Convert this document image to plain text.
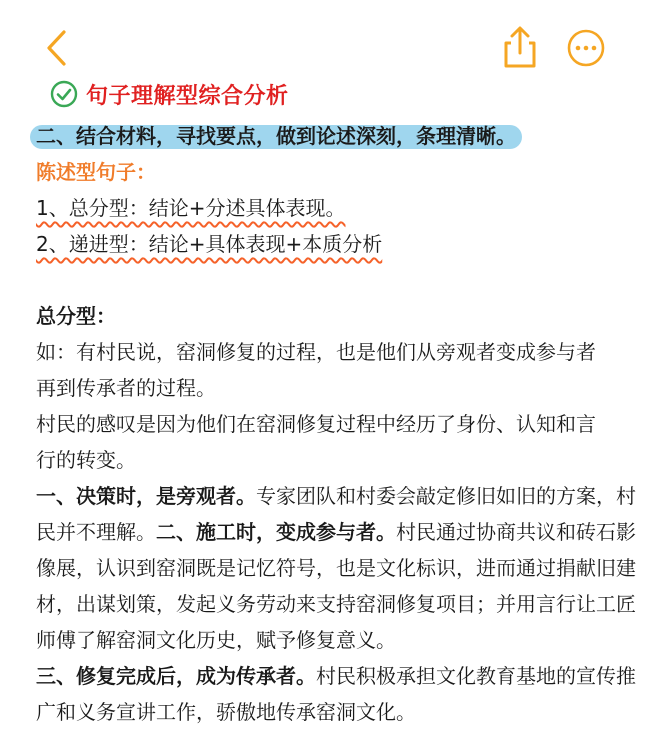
句子理解型综合分析
二、结合材料，寻找要点，做到论述深刻，条理清晰。
陈述型句子：
1、总分型：结论+分述具体表现。
2、递进型：结论+具体表现+本质分析
总分型：
如：有村民说，窑洞修复的过程，也是他们从旁观者变成参与者
再到传承者的过程。
村民的感叹是因为他们在窑洞修复过程中经历了身份、认知和言
行的转变。
一、决策时，是旁观者。专家团队和村委会敲定修旧如旧的方案，村民并不理解。二、施工时，变成参与者。村民通过协商共议和砖石影像展，认识到窑洞既是记忆符号，也是文化标识，进而通过捐献旧建材，出谋划策，发起义务劳动来支持窑洞修复项目；并用言行让工匠师傅了解窑洞文化历史，赋予修复意义。
三、修复完成后，成为传承者。村民积极承担文化教育基地的宣传推广和义务宣讲工作，骄傲地传承窑洞文化。
